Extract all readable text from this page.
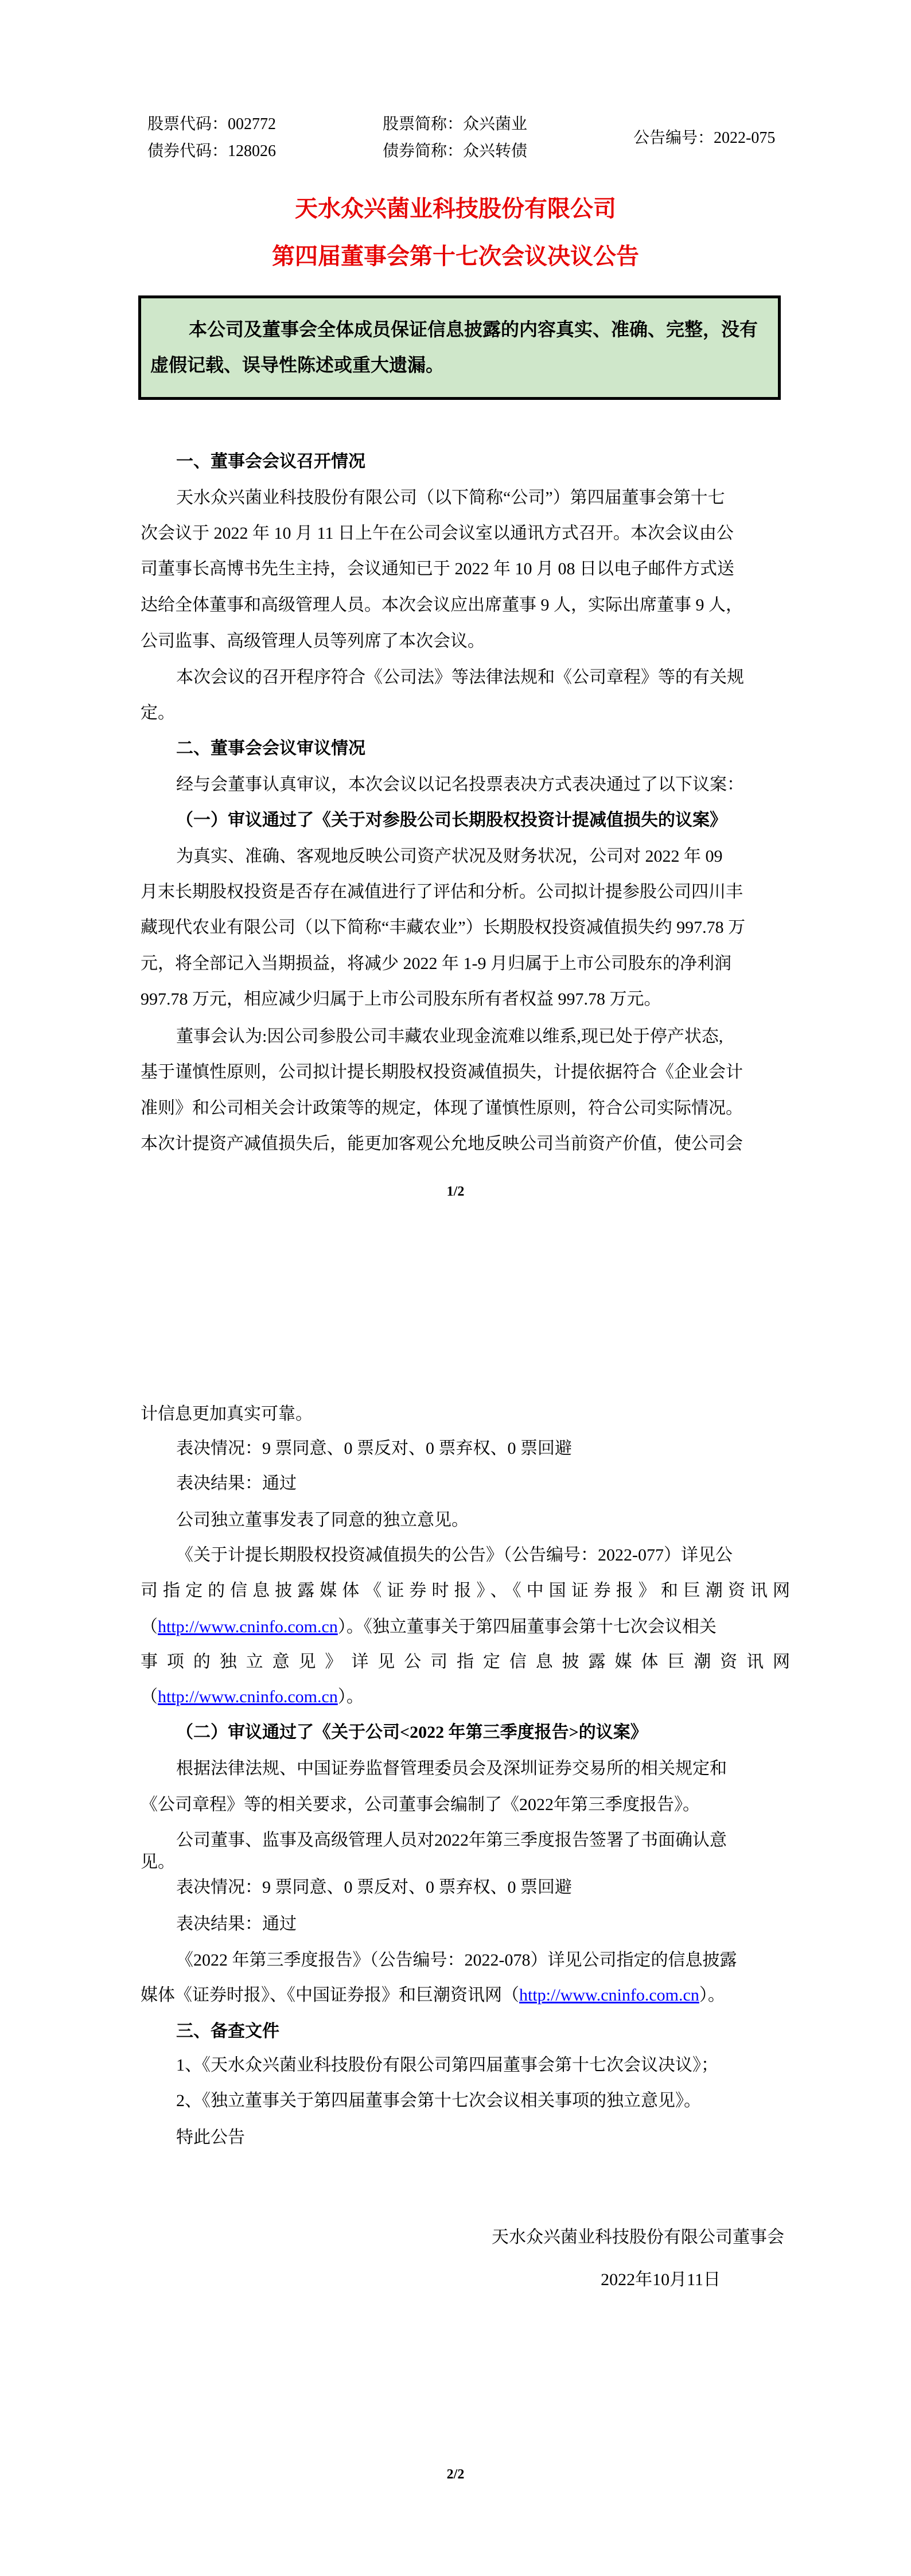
股票代码：002772	股票简称：众兴菌业
公告编号：2022-075
债券代码：128026	债券简称：众兴转债
天水众兴菌业科技股份有限公司
第四届董事会第十七次会议决议公告
本公司及董事会全体成员保证信息披露的内容真实、准确、完整，没有
虚假记载、误导性陈述或重大遗漏。
一、董事会会议召开情况
天水众兴菌业科技股份有限公司（以下简称“公司”）第四届董事会第十七
次会议于 2022 年 10 月 11 日上午在公司会议室以通讯方式召开。本次会议由公
司董事长高博书先生主持，会议通知已于 2022 年 10 月 08 日以电子邮件方式送
达给全体董事和高级管理人员。本次会议应出席董事 9 人，实际出席董事 9 人，
公司监事、高级管理人员等列席了本次会议。
本次会议的召开程序符合《公司法》等法律法规和《公司章程》等的有关规
定。
二、董事会会议审议情况
经与会董事认真审议，本次会议以记名投票表决方式表决通过了以下议案：
（一）审议通过了《关于对参股公司长期股权投资计提减值损失的议案》
为真实、准确、客观地反映公司资产状况及财务状况，公司对 2022 年 09
月末长期股权投资是否存在减值进行了评估和分析。公司拟计提参股公司四川丰
藏现代农业有限公司（以下简称“丰藏农业”）长期股权投资减值损失约 997.78 万
元，将全部记入当期损益，将减少 2022 年 1-9 月归属于上市公司股东的净利润
997.78 万元，相应减少归属于上市公司股东所有者权益 997.78 万元。
董事会认为:因公司参股公司丰藏农业现金流难以维系,现已处于停产状态,
基于谨慎性原则，公司拟计提长期股权投资减值损失，计提依据符合《企业会计
准则》和公司相关会计政策等的规定，体现了谨慎性原则，符合公司实际情况。
本次计提资产减值损失后，能更加客观公允地反映公司当前资产价值，使公司会
1/2
计信息更加真实可靠。
表决情况：9 票同意、0 票反对、0 票弃权、0 票回避
表决结果：通过
公司独立董事发表了同意的独立意见。
《关于计提长期股权投资减值损失的公告》（公告编号：2022-077）详见公
司指定的信息披露媒体《证券时报》、《中国证券报》和巨潮资讯网
（http://www.cninfo.com.cn）。《独立董事关于第四届董事会第十七次会议相关
事项的独立意见》详见公司指定信息披露媒体巨潮资讯网
（http://www.cninfo.com.cn）。
（二）审议通过了《关于公司<2022 年第三季度报告>的议案》
根据法律法规、中国证券监督管理委员会及深圳证券交易所的相关规定和
《公司章程》等的相关要求，公司董事会编制了《2022年第三季度报告》。
公司董事、监事及高级管理人员对2022年第三季度报告签署了书面确认意
见。
表决情况：9 票同意、0 票反对、0 票弃权、0 票回避
表决结果：通过
《2022 年第三季度报告》（公告编号：2022-078）详见公司指定的信息披露
媒体《证券时报》、《中国证券报》和巨潮资讯网（http://www.cninfo.com.cn）。
三、备查文件
1、《天水众兴菌业科技股份有限公司第四届董事会第十七次会议决议》；
2、《独立董事关于第四届董事会第十七次会议相关事项的独立意见》。
特此公告
天水众兴菌业科技股份有限公司董事会
2022年10月11日
2/2
